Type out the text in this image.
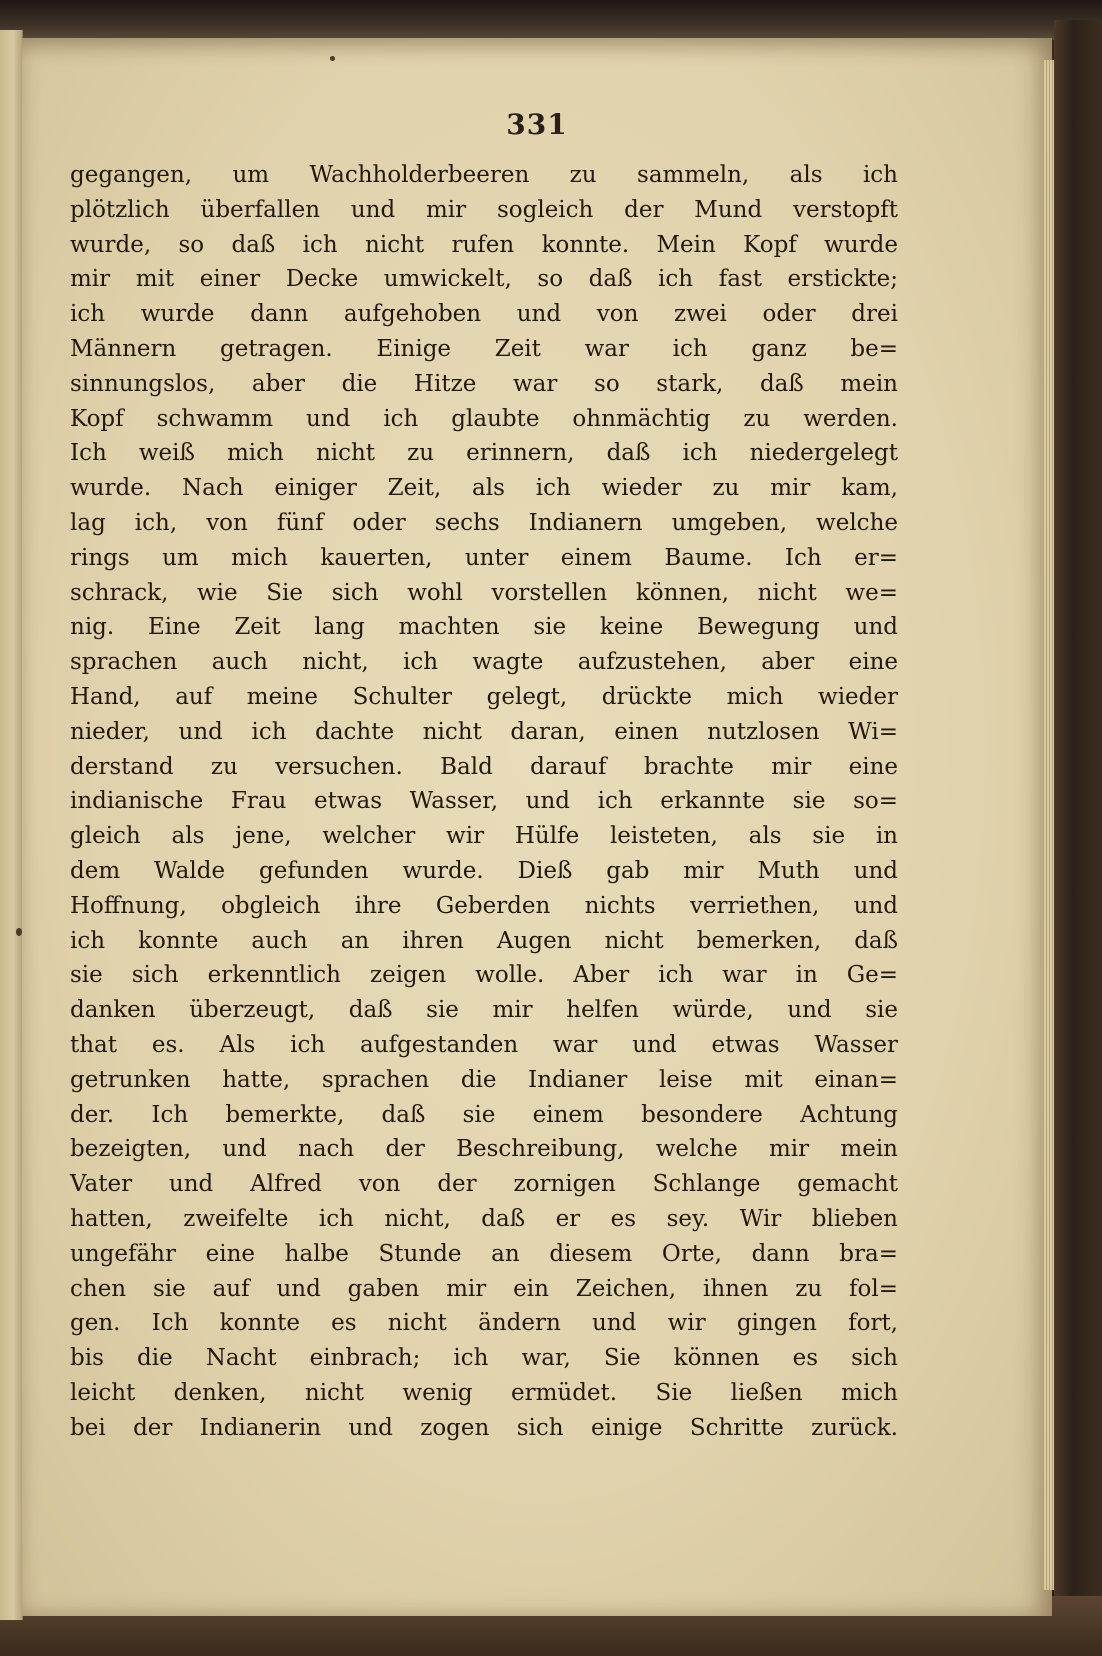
331
gegangen, um Wachholderbeeren zu sammeln, als ich
plötzlich überfallen und mir sogleich der Mund verstopft
wurde, so daß ich nicht rufen konnte. Mein Kopf wurde
mir mit einer Decke umwickelt, so daß ich fast erstickte;
ich wurde dann aufgehoben und von zwei oder drei
Männern getragen. Einige Zeit war ich ganz be=
sinnungslos, aber die Hitze war so stark, daß mein
Kopf schwamm und ich glaubte ohnmächtig zu werden.
Ich weiß mich nicht zu erinnern, daß ich niedergelegt
wurde. Nach einiger Zeit, als ich wieder zu mir kam,
lag ich, von fünf oder sechs Indianern umgeben, welche
rings um mich kauerten, unter einem Baume. Ich er=
schrack, wie Sie sich wohl vorstellen können, nicht we=
nig. Eine Zeit lang machten sie keine Bewegung und
sprachen auch nicht, ich wagte aufzustehen, aber eine
Hand, auf meine Schulter gelegt, drückte mich wieder
nieder, und ich dachte nicht daran, einen nutzlosen Wi=
derstand zu versuchen. Bald darauf brachte mir eine
indianische Frau etwas Wasser, und ich erkannte sie so=
gleich als jene, welcher wir Hülfe leisteten, als sie in
dem Walde gefunden wurde. Dieß gab mir Muth und
Hoffnung, obgleich ihre Geberden nichts verriethen, und
ich konnte auch an ihren Augen nicht bemerken, daß
sie sich erkenntlich zeigen wolle. Aber ich war in Ge=
danken überzeugt, daß sie mir helfen würde, und sie
that es. Als ich aufgestanden war und etwas Wasser
getrunken hatte, sprachen die Indianer leise mit einan=
der. Ich bemerkte, daß sie einem besondere Achtung
bezeigten, und nach der Beschreibung, welche mir mein
Vater und Alfred von der zornigen Schlange gemacht
hatten, zweifelte ich nicht, daß er es sey. Wir blieben
ungefähr eine halbe Stunde an diesem Orte, dann bra=
chen sie auf und gaben mir ein Zeichen, ihnen zu fol=
gen. Ich konnte es nicht ändern und wir gingen fort,
bis die Nacht einbrach; ich war, Sie können es sich
leicht denken, nicht wenig ermüdet. Sie ließen mich
bei der Indianerin und zogen sich einige Schritte zurück.
